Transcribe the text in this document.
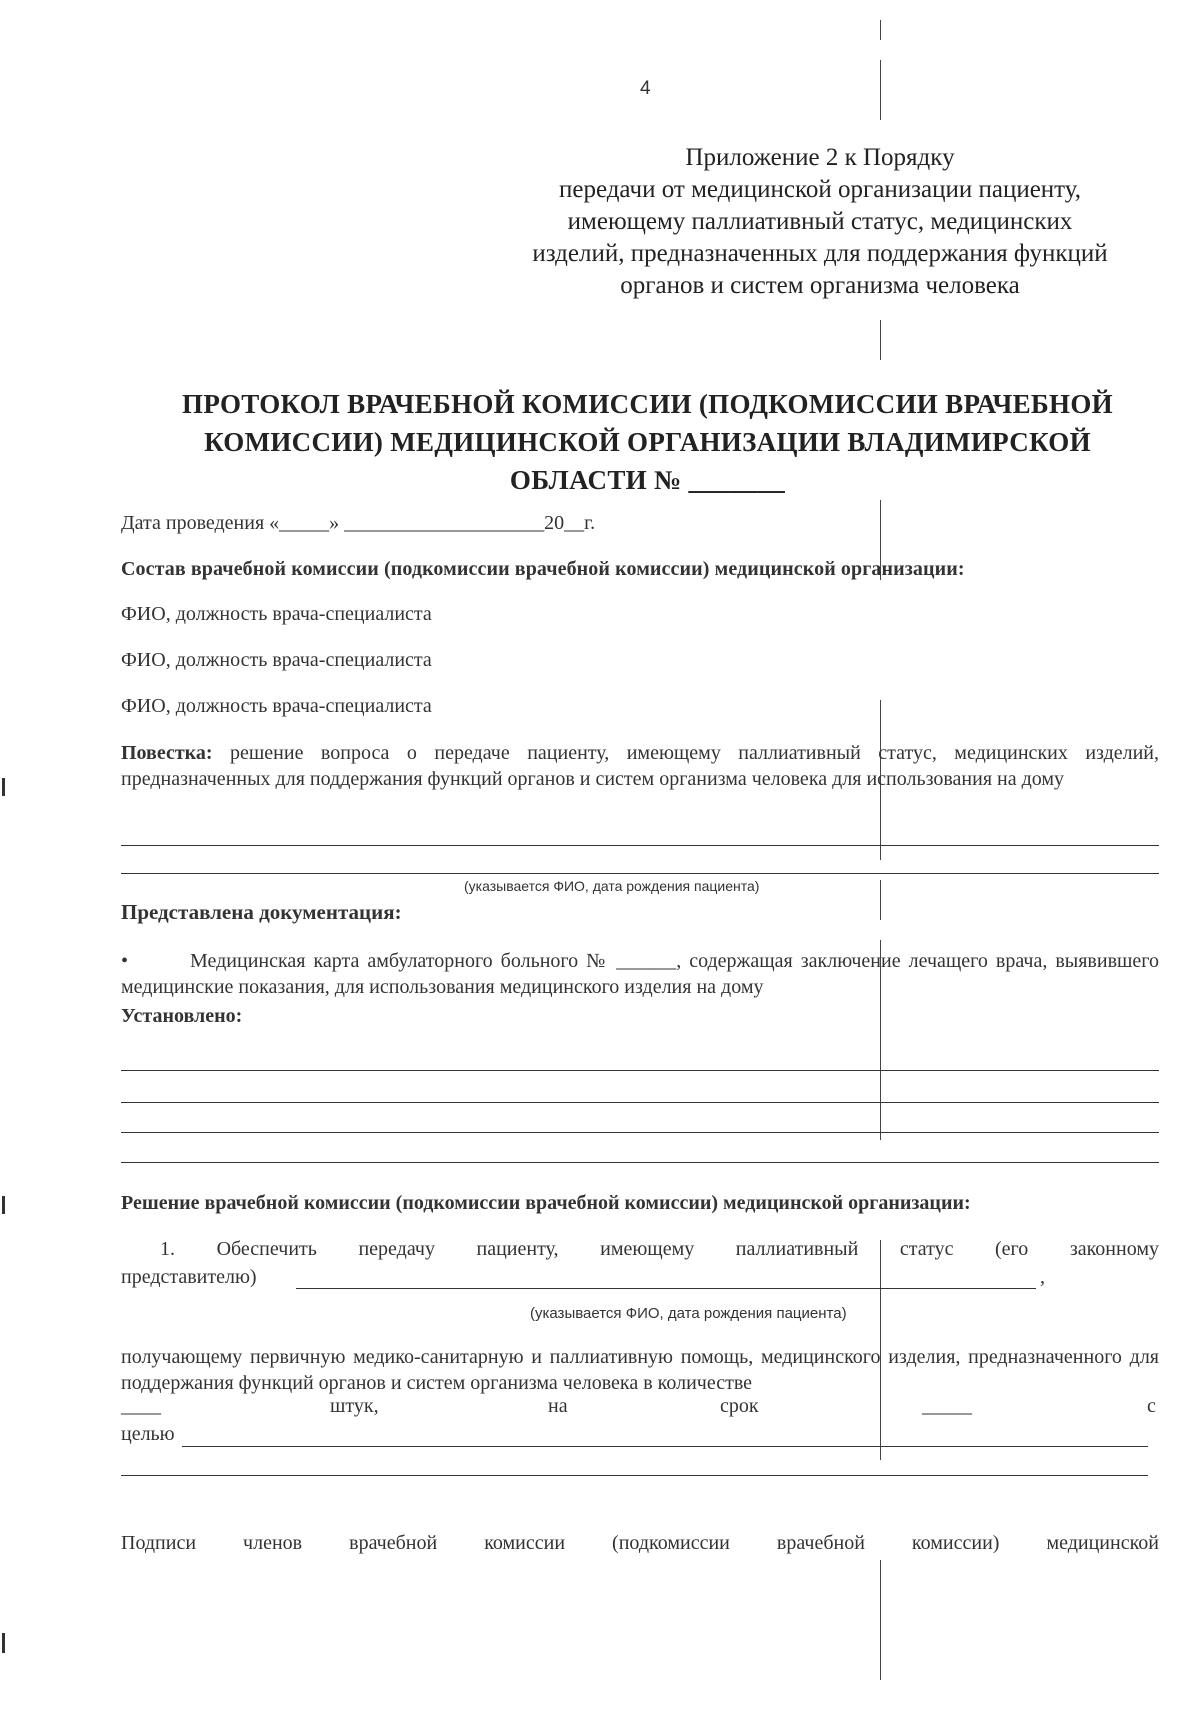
4
Приложение 2 к Порядку
передачи от медицинской организации пациенту,
имеющему паллиативный статус, медицинских
изделий, предназначенных для поддержания функций
органов и систем организма человека
ПРОТОКОЛ ВРАЧЕБНОЙ КОМИССИИ (ПОДКОМИССИИ ВРАЧЕБНОЙ
КОМИССИИ) МЕДИЦИНСКОЙ ОРГАНИЗАЦИИ ВЛАДИМИРСКОЙ
ОБЛАСТИ № _______
Дата проведения «_____» ____________________20__г.
Состав врачебной комиссии (подкомиссии врачебной комиссии) медицинской организации:
ФИО, должность врача-специалиста
ФИО, должность врача-специалиста
ФИО, должность врача-специалиста
Повестка: решение вопроса о передаче пациенту, имеющему паллиативный статус, медицинских изделий, предназначенных для поддержания функций органов и систем организма человека для использования на дому
(указывается ФИО, дата рождения пациента)
Представлена документация:
•	Медицинская карта амбулаторного больного № ______, содержащая заключение лечащего врача, выявившего медицинские показания, для использования медицинского изделия на дому
Установлено:
Решение врачебной комиссии (подкомиссии врачебной комиссии) медицинской организации:
1. Обеспечить передачу пациенту, имеющему паллиативный статус (его законному
представителю)	,
(указывается ФИО, дата рождения пациента)
получающему первичную медико-санитарную и паллиативную помощь, медицинского изделия, предназначенного для поддержания функций органов и систем организма человека в количестве
____	штук,	на	срок	_____	с
целью
Подписи членов врачебной комиссии (подкомиссии врачебной комиссии) медицинской
